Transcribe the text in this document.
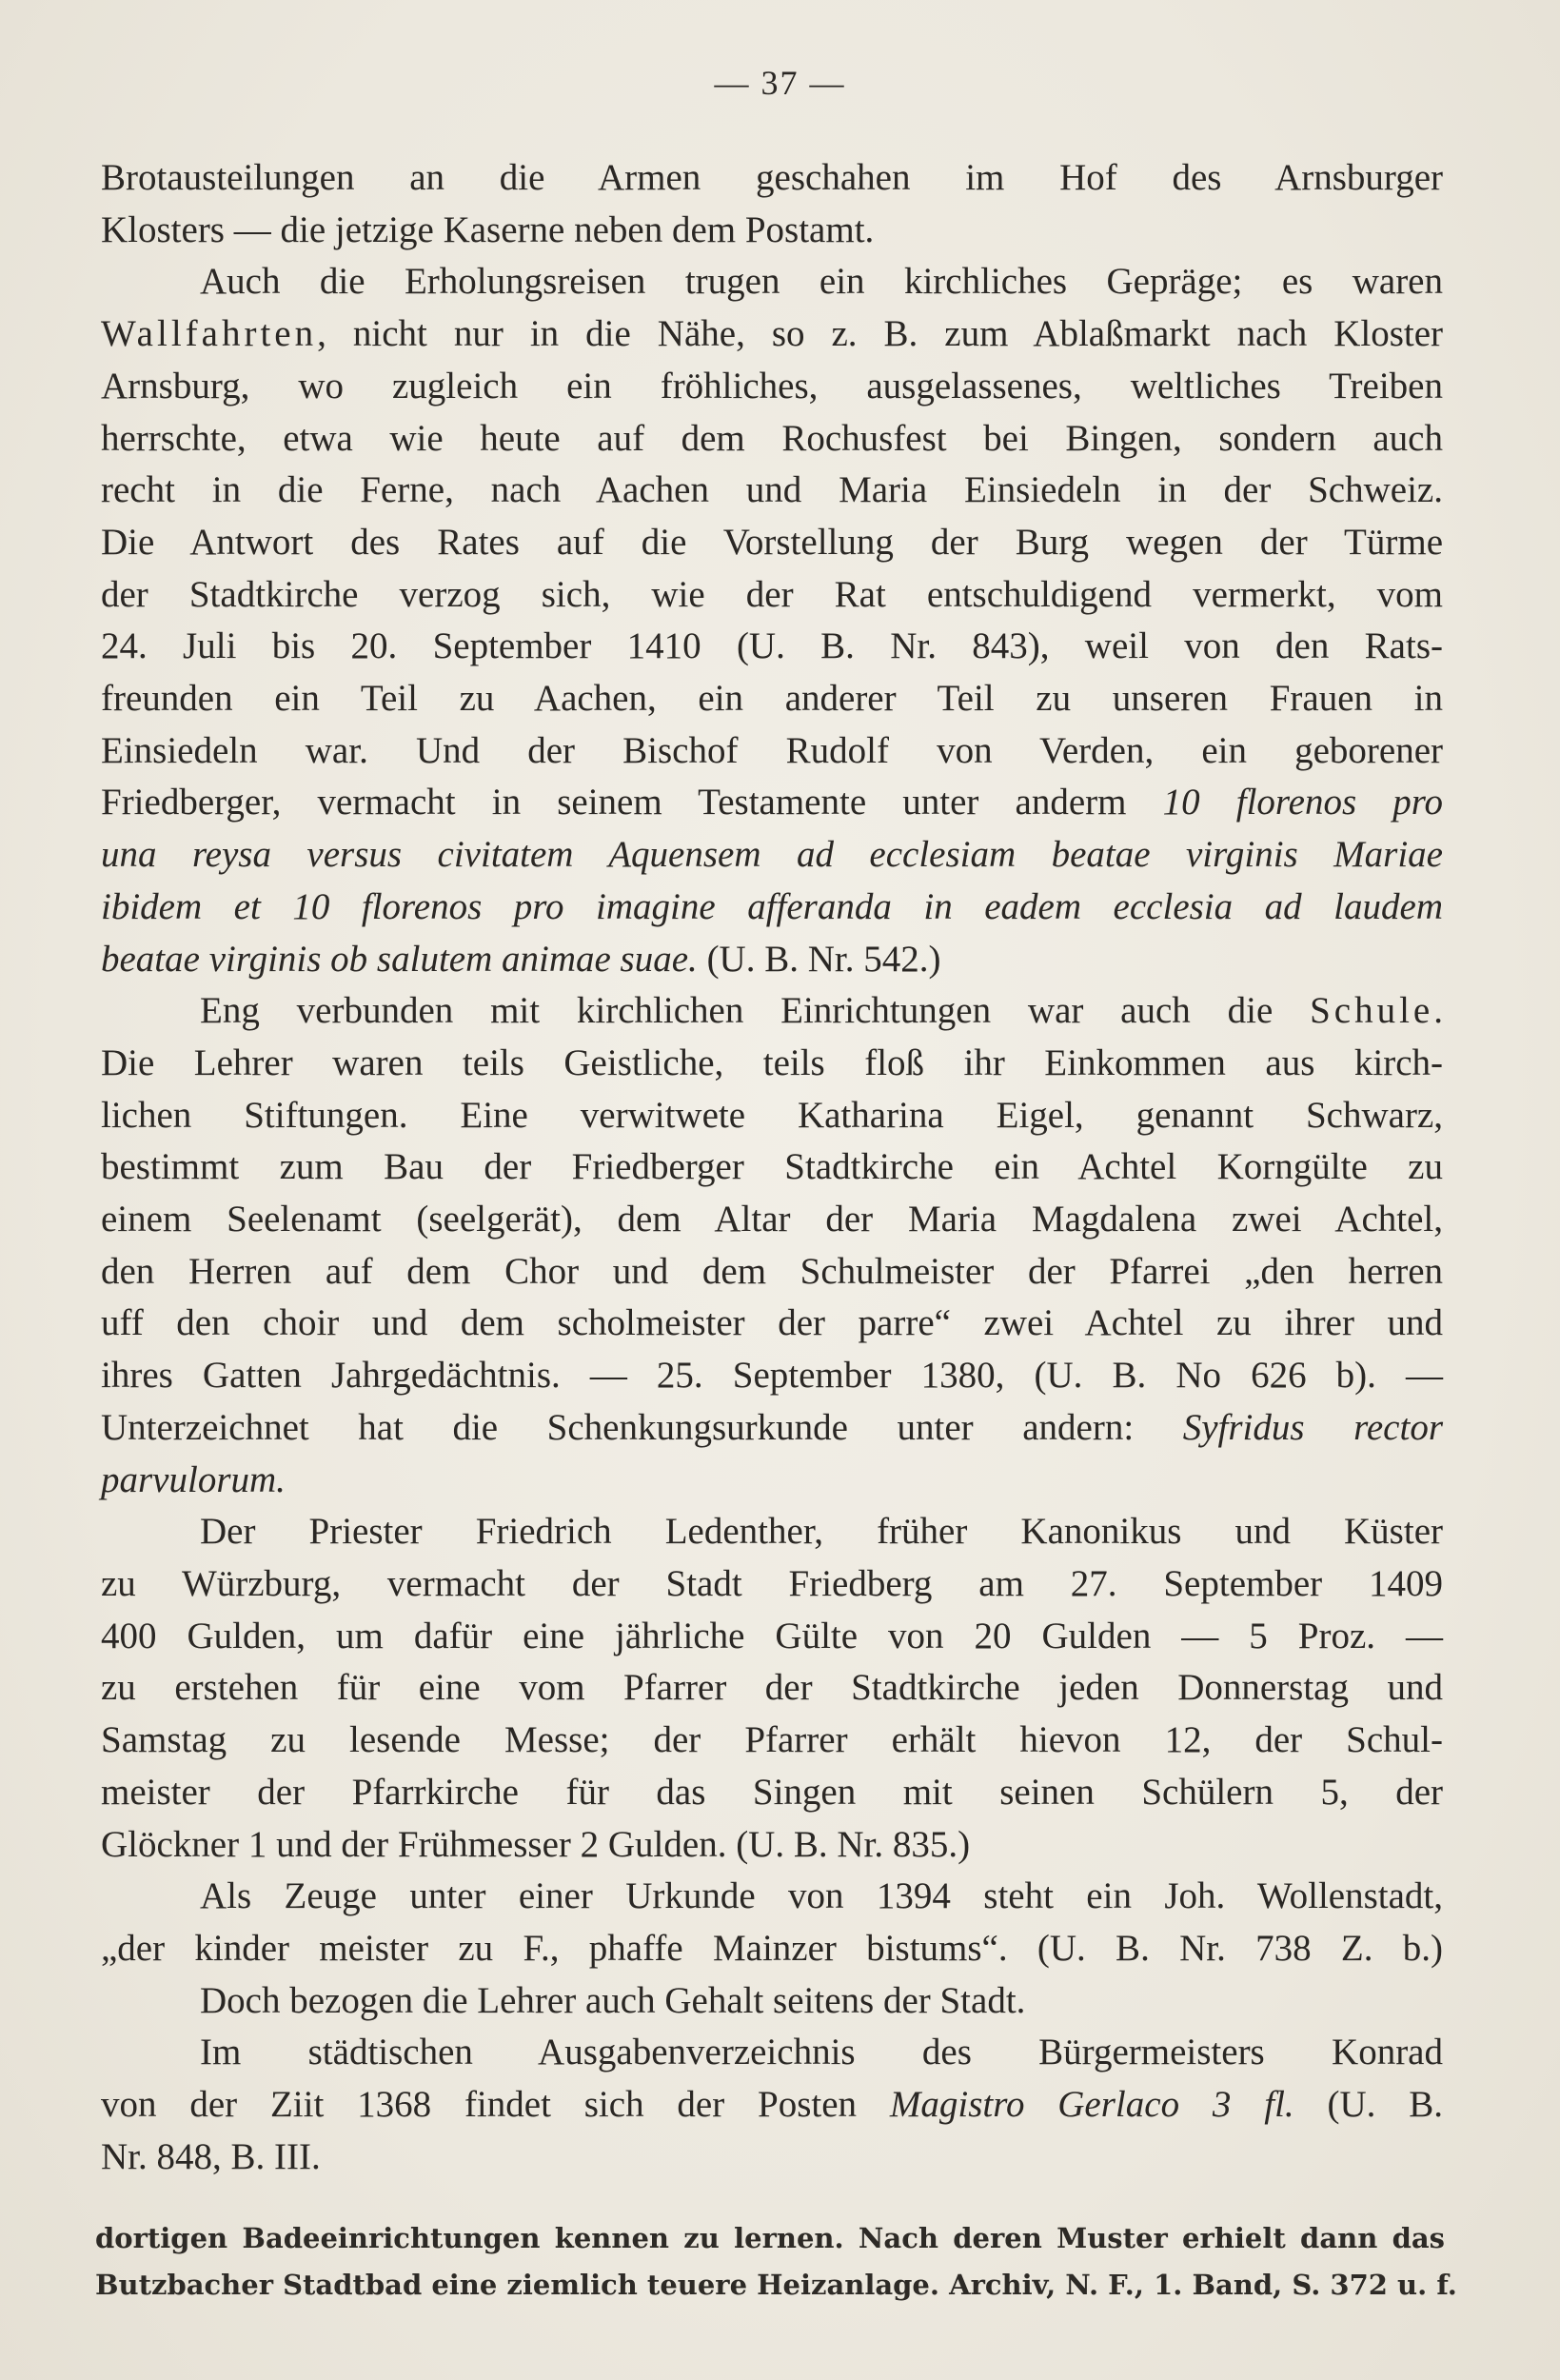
— 37 —

Brotausteilungen an die Armen geschahen im Hof des Arnsburger
Klosters — die jetzige Kaserne neben dem Postamt.

Auch die Erholungsreisen trugen ein kirchliches Gepräge; es waren
Wallfahrten, nicht nur in die Nähe, so z. B. zum Ablaßmarkt nach Kloster
Arnsburg, wo zugleich ein fröhliches, ausgelassenes, weltliches Treiben
herrschte, etwa wie heute auf dem Rochusfest bei Bingen, sondern auch
recht in die Ferne, nach Aachen und Maria Einsiedeln in der Schweiz.
Die Antwort des Rates auf die Vorstellung der Burg wegen der Türme
der Stadtkirche verzog sich, wie der Rat entschuldigend vermerkt, vom
24. Juli bis 20. September 1410 (U. B. Nr. 843), weil von den Rats-
freunden ein Teil zu Aachen, ein anderer Teil zu unseren Frauen in
Einsiedeln war. Und der Bischof Rudolf von Verden, ein geborener
Friedberger, vermacht in seinem Testamente unter anderm 10 florenos pro
una reysa versus civitatem Aquensem ad ecclesiam beatae virginis Mariae
ibidem et 10 florenos pro imagine afferanda in eadem ecclesia ad laudem
beatae virginis ob salutem animae suae. (U. B. Nr. 542.)

Eng verbunden mit kirchlichen Einrichtungen war auch die Schule.
Die Lehrer waren teils Geistliche, teils floß ihr Einkommen aus kirch-
lichen Stiftungen. Eine verwitwete Katharina Eigel, genannt Schwarz,
bestimmt zum Bau der Friedberger Stadtkirche ein Achtel Korngülte zu
einem Seelenamt (seelgerät), dem Altar der Maria Magdalena zwei Achtel,
den Herren auf dem Chor und dem Schulmeister der Pfarrei „den herren
uff den choir und dem scholmeister der parre“ zwei Achtel zu ihrer und
ihres Gatten Jahrgedächtnis. — 25. September 1380, (U. B. No 626 b). —
Unterzeichnet hat die Schenkungsurkunde unter andern: Syfridus rector
parvulorum.

Der Priester Friedrich Ledenther, früher Kanonikus und Küster
zu Würzburg, vermacht der Stadt Friedberg am 27. September 1409
400 Gulden, um dafür eine jährliche Gülte von 20 Gulden — 5 Proz. —
zu erstehen für eine vom Pfarrer der Stadtkirche jeden Donnerstag und
Samstag zu lesende Messe; der Pfarrer erhält hievon 12, der Schul-
meister der Pfarrkirche für das Singen mit seinen Schülern 5, der
Glöckner 1 und der Frühmesser 2 Gulden. (U. B. Nr. 835.)

Als Zeuge unter einer Urkunde von 1394 steht ein Joh. Wollenstadt,
„der kinder meister zu F., phaffe Mainzer bistums“. (U. B. Nr. 738 Z. b.)

Doch bezogen die Lehrer auch Gehalt seitens der Stadt.

Im städtischen Ausgabenverzeichnis des Bürgermeisters Konrad
von der Ziit 1368 findet sich der Posten Magistro Gerlaco 3 fl. (U. B.
Nr. 848, B. III.

dortigen Badeeinrichtungen kennen zu lernen. Nach deren Muster erhielt dann das
Butzbacher Stadtbad eine ziemlich teuere Heizanlage. Archiv, N. F., 1. Band, S. 372 u. f.
